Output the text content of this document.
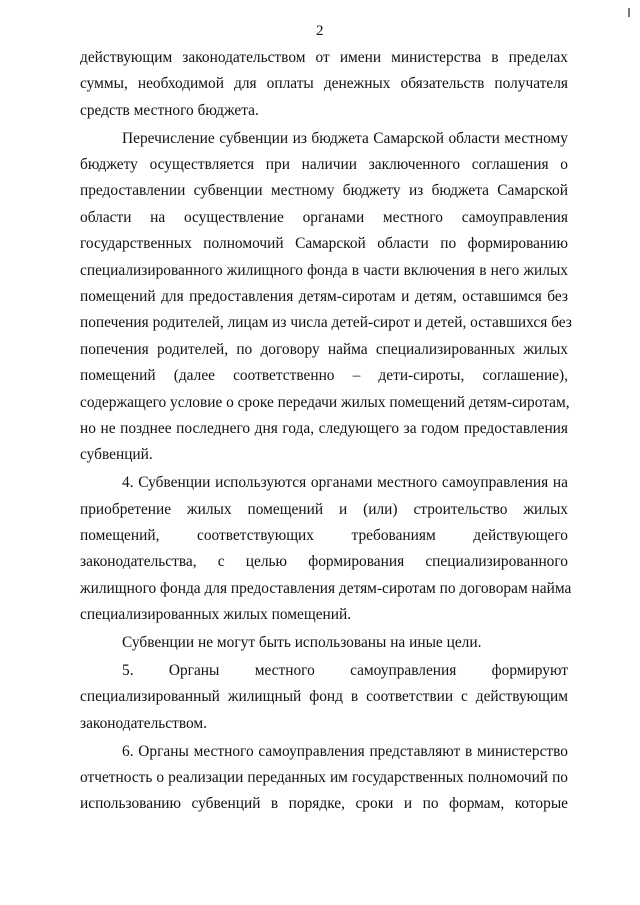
2
действующим законодательством от имени министерства в пределах
суммы, необходимой для оплаты денежных обязательств получателя
средств местного бюджета.
Перечисление субвенции из бюджета Самарской области местному
бюджету осуществляется при наличии заключенного соглашения о
предоставлении субвенции местному бюджету из бюджета Самарской
области на осуществление органами местного самоуправления
государственных полномочий Самарской области по формированию
специализированного жилищного фонда в части включения в него жилых
помещений для предоставления детям-сиротам и детям, оставшимся без
попечения родителей, лицам из числа детей-сирот и детей, оставшихся без
попечения родителей, по договору найма специализированных жилых
помещений (далее соответственно – дети-сироты, соглашение),
содержащего условие о сроке передачи жилых помещений детям-сиротам,
но не позднее последнего дня года, следующего за годом предоставления
субвенций.
4. Субвенции используются органами местного самоуправления на
приобретение жилых помещений и (или) строительство жилых
помещений, соответствующих требованиям действующего
законодательства, с целью формирования специализированного
жилищного фонда для предоставления детям-сиротам по договорам найма
специализированных жилых помещений.
Субвенции не могут быть использованы на иные цели.
5. Органы местного самоуправления формируют
специализированный жилищный фонд в соответствии с действующим
законодательством.
6. Органы местного самоуправления представляют в министерство
отчетность о реализации переданных им государственных полномочий по
использованию субвенций в порядке, сроки и по формам, которые
